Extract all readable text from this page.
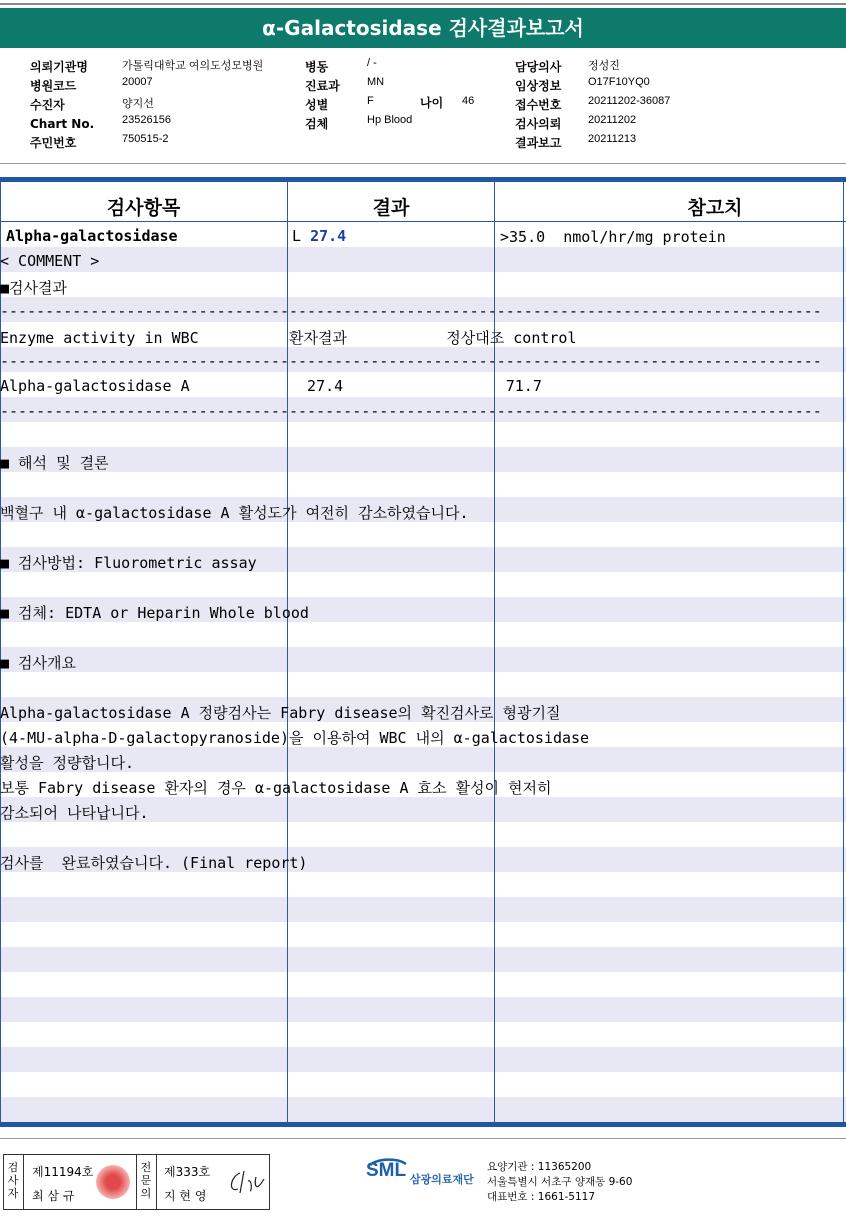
α-Galactosidase 검사결과보고서
의뢰기관명	가톨릭대학교 여의도성모병원
병원코드	20007
수진자	양지선
Chart No.	23526156
주민번호	750515-2
병동	/ -
진료과 MN
성별	F	나이 46
검체	Hp Blood
담당의사 정성진
임상정보 O17F10YQ0
접수번호 20211202-36087
검사의뢰 20211202
결과보고 20211213
검사항목	결과	참고치
Alpha-galactosidase	L 27.4	>35.0  nmol/hr/mg protein
< COMMENT >
■검사결과
-------------------------------------------------------------------------------------------
Enzyme activity in WBC          환자결과           정상대조 control
-------------------------------------------------------------------------------------------
Alpha-galactosidase A             27.4                  71.7
-------------------------------------------------------------------------------------------
■ 해석 및 결론
백혈구 내 α-galactosidase A 활성도가 여전히 감소하였습니다.
■ 검사방법: Fluorometric assay
■ 검체: EDTA or Heparin Whole blood
■ 검사개요
Alpha-galactosidase A 정량검사는 Fabry disease의 확진검사로 형광기질
(4-MU-alpha-D-galactopyranoside)을 이용하여 WBC 내의 α-galactosidase
활성을 정량합니다.
보통 Fabry disease 환자의 경우 α-galactosidase A 효소 활성이 현저히
감소되어 나타납니다.
검사를  완료하였습니다. (Final report)
검사자
제11194호
최 삼 규
전문의
제333호
지 현 영
SML 삼광의료재단
요양기관 : 11365200
서울특별시 서초구 양재동 9-60
대표번호 : 1661-5117
